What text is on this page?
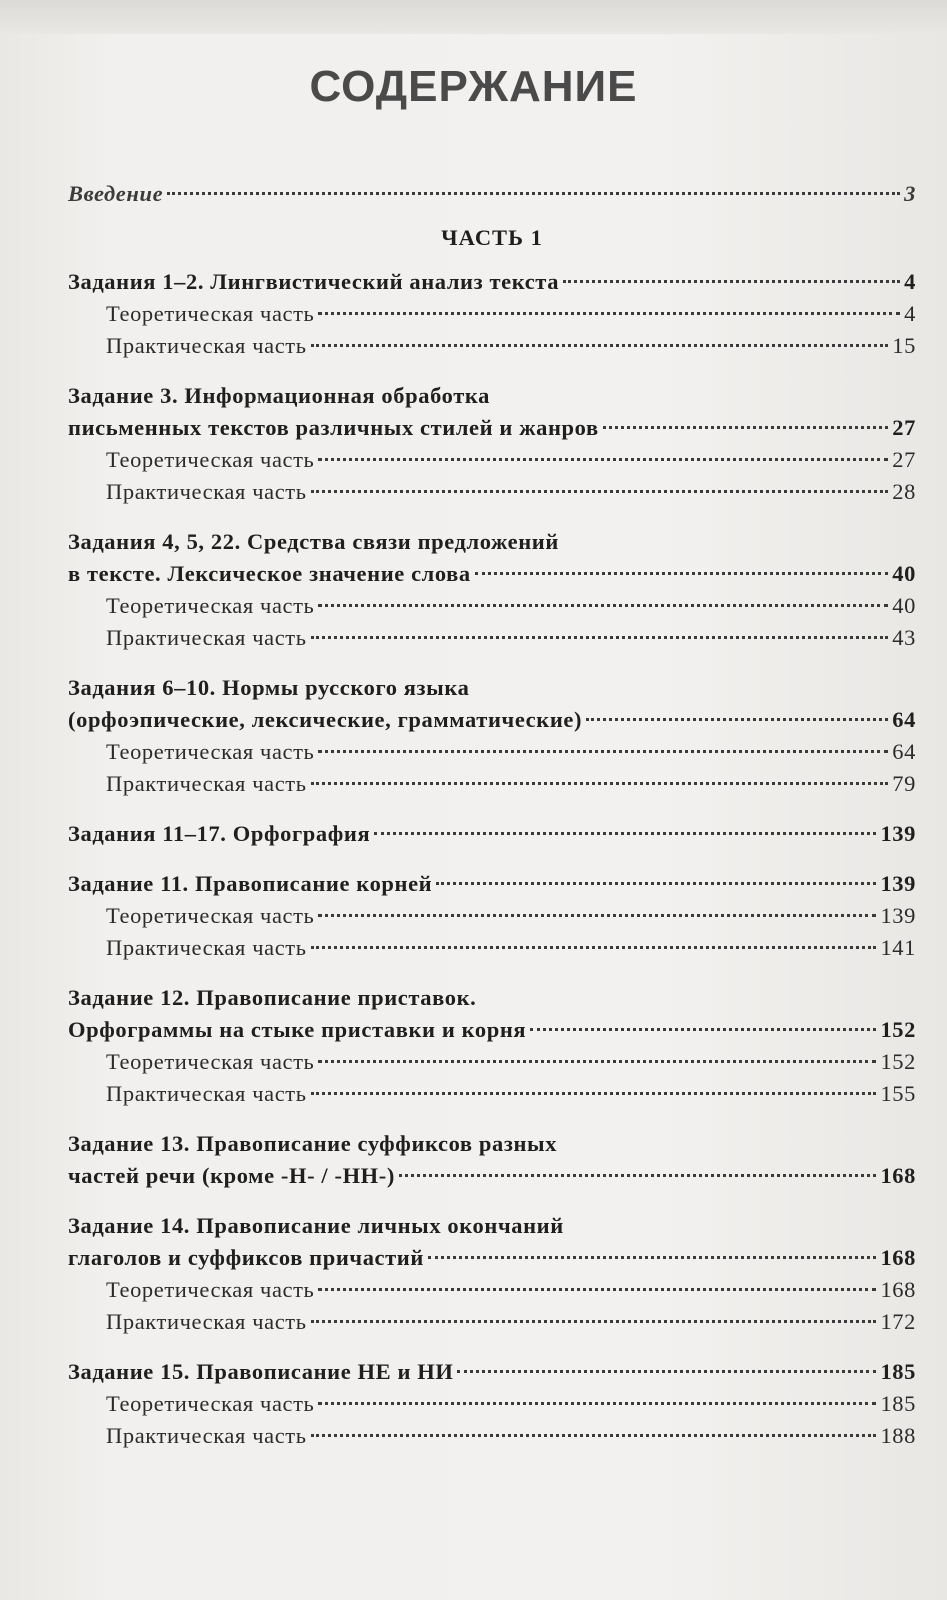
СОДЕРЖАНИЕ
Введение	3
ЧАСТЬ 1
Задания 1–2. Лингвистический анализ текста	4
Теоретическая часть	4
Практическая часть	15
Задание 3. Информационная обработка
письменных текстов различных стилей и жанров	27
Теоретическая часть	27
Практическая часть	28
Задания 4, 5, 22. Средства связи предложений
в тексте. Лексическое значение слова	40
Теоретическая часть	40
Практическая часть	43
Задания 6–10. Нормы русского языка
(орфоэпические, лексические, грамматические)	64
Теоретическая часть	64
Практическая часть	79
Задания 11–17. Орфография	139
Задание 11. Правописание корней	139
Теоретическая часть	139
Практическая часть	141
Задание 12. Правописание приставок.
Орфограммы на стыке приставки и корня	152
Теоретическая часть	152
Практическая часть	155
Задание 13. Правописание суффиксов разных
частей речи (кроме -Н- / -НН-)	168
Задание 14. Правописание личных окончаний
глаголов и суффиксов причастий	168
Теоретическая часть	168
Практическая часть	172
Задание 15. Правописание НЕ и НИ	185
Теоретическая часть	185
Практическая часть	188
